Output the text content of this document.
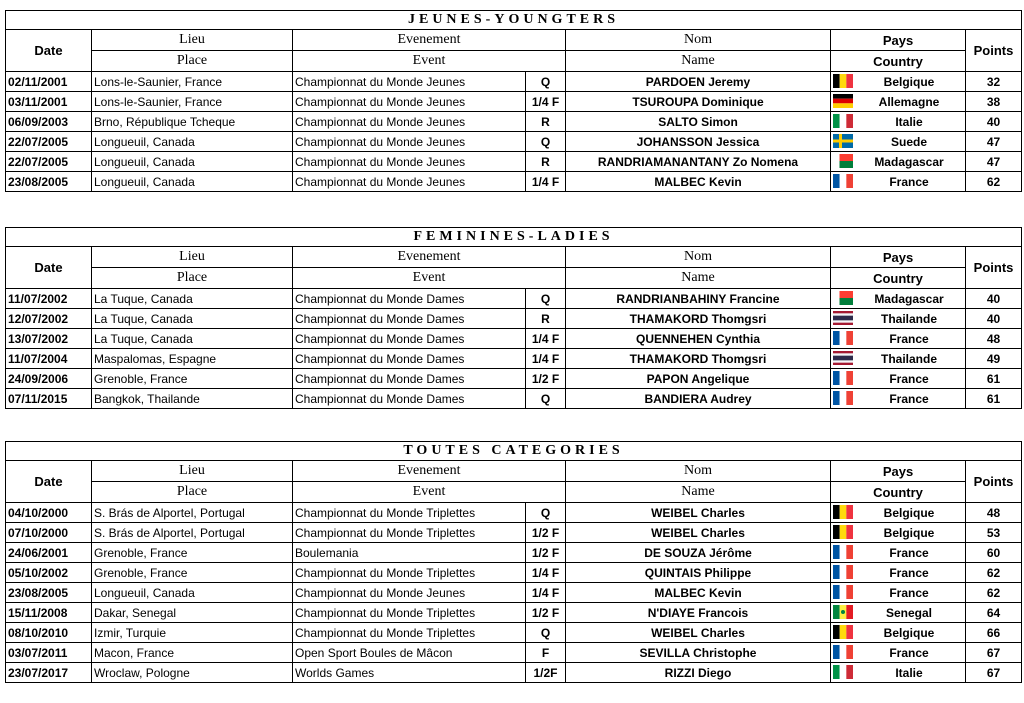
JEUNES-YOUNGTERS						
Date	Lieu	Evenement		Nom	Pays	Points
	Place	Event		Name	Country	
02/11/2001	Lons-le-Saunier, France	Championnat du Monde Jeunes	Q	PARDOEN Jeremy	Belgique	32
03/11/2001	Lons-le-Saunier, France	Championnat du Monde Jeunes	1/4 F	TSUROUPA Dominique	Allemagne	38
06/09/2003	Brno, République Tcheque	Championnat du Monde Jeunes	R	SALTO Simon	Italie	40
22/07/2005	Longueuil, Canada	Championnat du Monde Jeunes	Q	JOHANSSON Jessica	Suede	47
22/07/2005	Longueuil, Canada	Championnat du Monde Jeunes	R	RANDRIAMANANTANY Zo Nomena	Madagascar	47
23/08/2005	Longueuil, Canada	Championnat du Monde Jeunes	1/4 F	MALBEC Kevin	France	62
FEMININES-LADIES						
Date	Lieu	Evenement		Nom	Pays	Points
	Place	Event		Name	Country	
11/07/2002	La Tuque, Canada	Championnat du Monde Dames	Q	RANDRIANBAHINY Francine	Madagascar	40
12/07/2002	La Tuque, Canada	Championnat du Monde Dames	R	THAMAKORD Thomgsri	Thailande	40
13/07/2002	La Tuque, Canada	Championnat du Monde Dames	1/4 F	QUENNEHEN Cynthia	France	48
11/07/2004	Maspalomas, Espagne	Championnat du Monde Dames	1/4 F	THAMAKORD Thomgsri	Thailande	49
24/09/2006	Grenoble, France	Championnat du Monde Dames	1/2 F	PAPON Angelique	France	61
07/11/2015	Bangkok, Thailande	Championnat du Monde Dames	Q	BANDIERA Audrey	France	61
TOUTES CATEGORIES						
Date	Lieu	Evenement		Nom	Pays	Points
	Place	Event		Name	Country	
04/10/2000	S. Brás de Alportel, Portugal	Championnat du Monde Triplettes	Q	WEIBEL Charles	Belgique	48
07/10/2000	S. Brás de Alportel, Portugal	Championnat du Monde Triplettes	1/2 F	WEIBEL Charles	Belgique	53
24/06/2001	Grenoble, France	Boulemania	1/2 F	DE SOUZA Jérôme	France	60
05/10/2002	Grenoble, France	Championnat du Monde Triplettes	1/4 F	QUINTAIS Philippe	France	62
23/08/2005	Longueuil, Canada	Championnat du Monde Jeunes	1/4 F	MALBEC Kevin	France	62
15/11/2008	Dakar, Senegal	Championnat du Monde Triplettes	1/2 F	N'DIAYE Francois	Senegal	64
08/10/2010	Izmir, Turquie	Championnat du Monde Triplettes	Q	WEIBEL Charles	Belgique	66
03/07/2011	Macon, France	Open Sport Boules de Mâcon	F	SEVILLA Christophe	France	67
23/07/2017	Wroclaw, Pologne	Worlds Games	1/2F	RIZZI Diego	Italie	67
